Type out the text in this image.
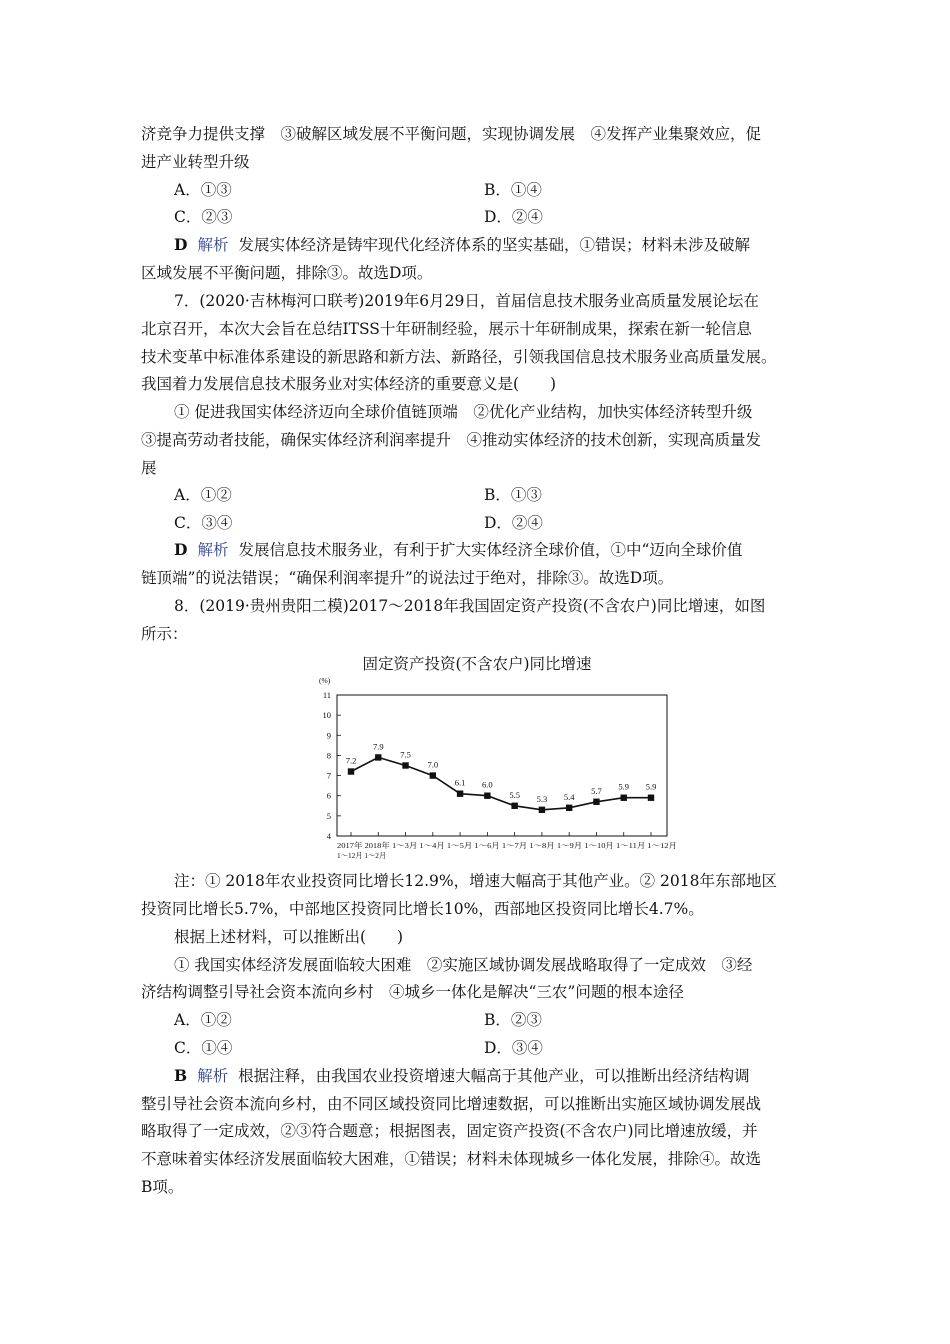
济竞争力提供支撑　③破解区域发展不平衡问题，实现协调发展　④发挥产业集聚效应，促
进产业转型升级
A．①③	B．①④
C．②③	D．②④
D 解析 发展实体经济是铸牢现代化经济体系的坚实基础，①错误；材料未涉及破解
区域发展不平衡问题，排除③。故选D项。
7．(2020·吉林梅河口联考)2019年6月29日，首届信息技术服务业高质量发展论坛在
北京召开，本次大会旨在总结ITSS十年研制经验，展示十年研制成果，探索在新一轮信息
技术变革中标准体系建设的新思路和新方法、新路径，引领我国信息技术服务业高质量发展。
我国着力发展信息技术服务业对实体经济的重要意义是(　　)
① 促进我国实体经济迈向全球价值链顶端　②优化产业结构，加快实体经济转型升级
③提高劳动者技能，确保实体经济利润率提升　④推动实体经济的技术创新，实现高质量发
展
A．①②	B．①③
C．③④	D．②④
D 解析 发展信息技术服务业，有利于扩大实体经济全球价值，①中“迈向全球价值
链顶端”的说法错误；“确保利润率提升”的说法过于绝对，排除③。故选D项。
8．(2019·贵州贵阳二模)2017～2018年我国固定资产投资(不含农户)同比增速，如图
所示：
固定资产投资(不含农户)同比增速
注：① 2018年农业投资同比增长12.9%，增速大幅高于其他产业。② 2018年东部地区
投资同比增长5.7%，中部地区投资同比增长10%，西部地区投资同比增长4.7%。
根据上述材料，可以推断出(　　)
① 我国实体经济发展面临较大困难　②实施区域协调发展战略取得了一定成效　③经
济结构调整引导社会资本流向乡村　④城乡一体化是解决“三农”问题的根本途径
A．①②	B．②③
C．①④	D．③④
B 解析 根据注释，由我国农业投资增速大幅高于其他产业，可以推断出经济结构调
整引导社会资本流向乡村，由不同区域投资同比增速数据，可以推断出实施区域协调发展战
略取得了一定成效，②③符合题意；根据图表，固定资产投资(不含农户)同比增速放缓，并
不意味着实体经济发展面临较大困难，①错误；材料未体现城乡一体化发展，排除④。故选
B项。
(%)
4
5
6
7
8
9
10
11
7.2
7.9
7.5
7.0
6.1 6.0
5.5 5.3 5.4
5.7 5.9 5.9
2017年 2018年 1～3月 1～4月 1～5月 1～6月 1～7月 1～8月 1～9月 1～10月 1～11月 1～12月
1～12月 1～2月
